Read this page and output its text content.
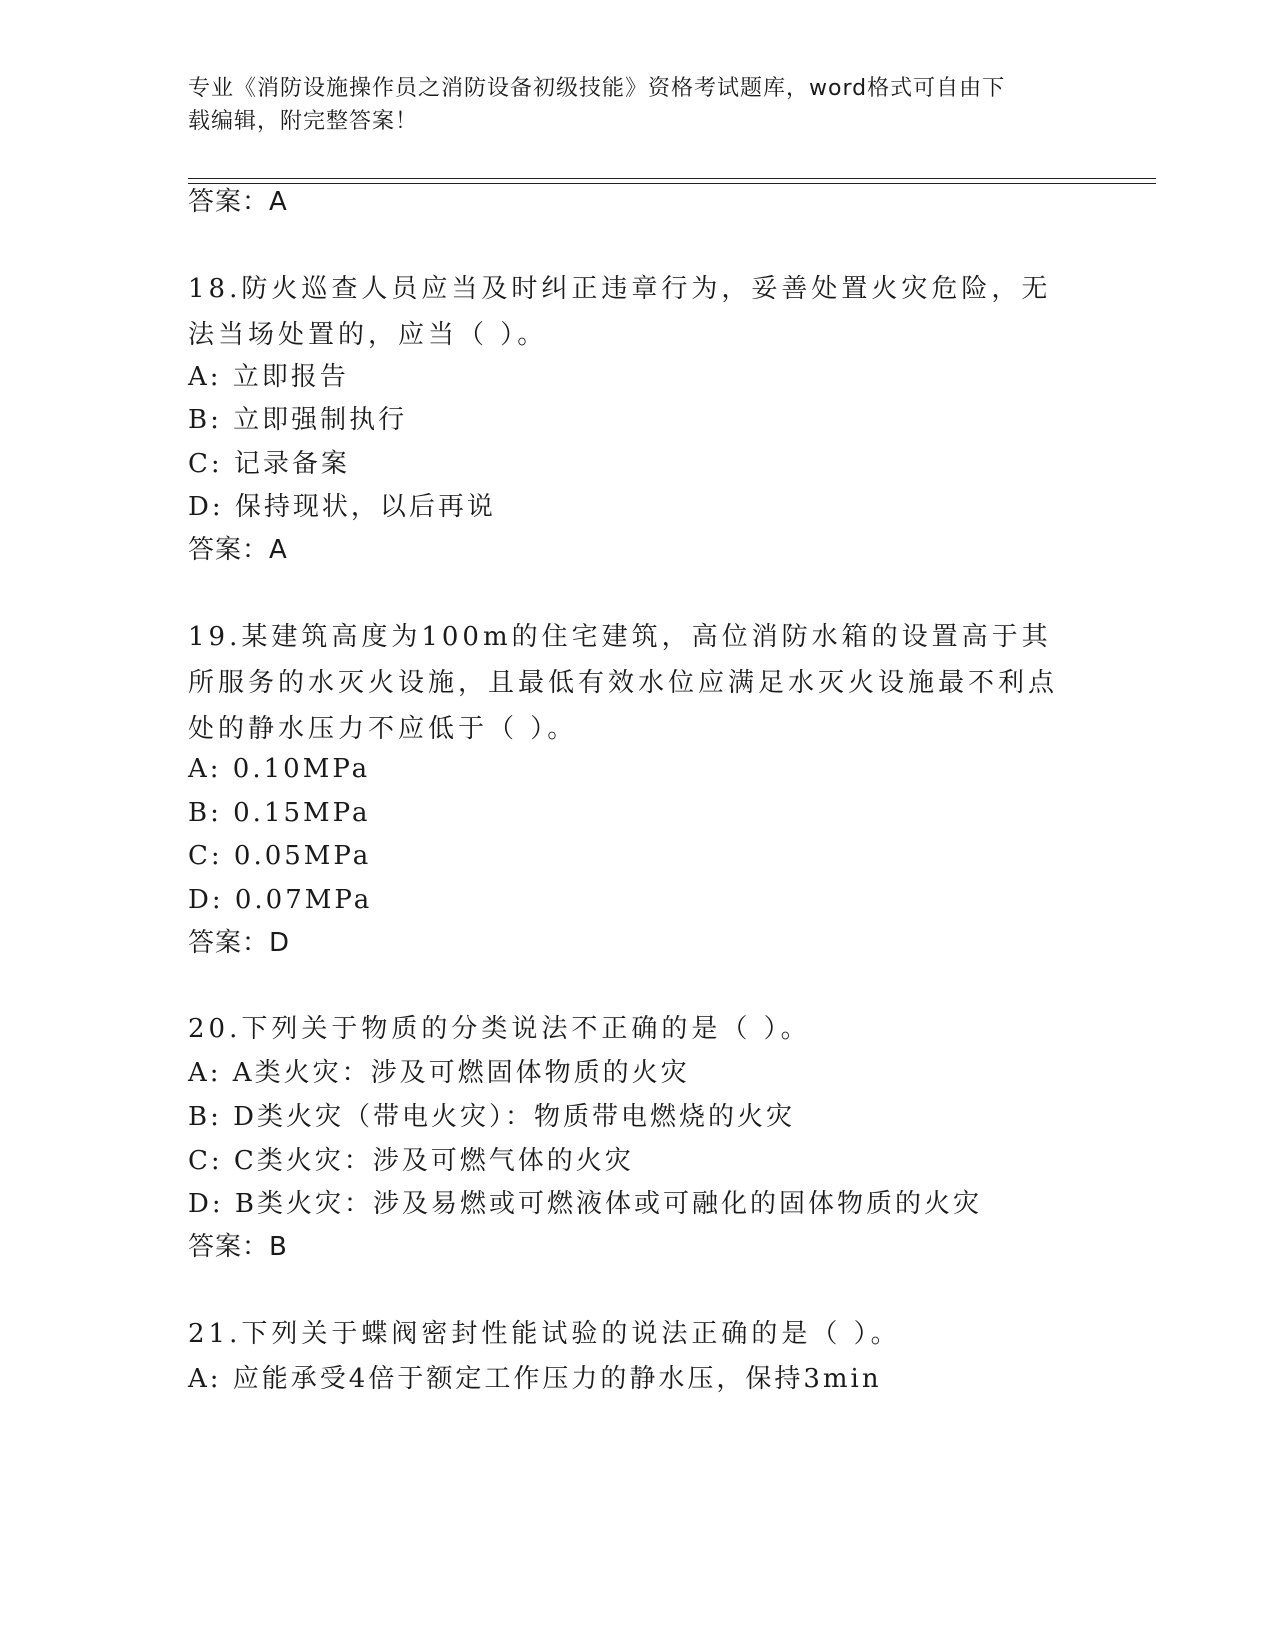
专业《消防设施操作员之消防设备初级技能》资格考试题库，word格式可自由下
载编辑，附完整答案！

答案：A

18.防火巡查人员应当及时纠正违章行为，妥善处置火灾危险，无法当场处置的，应当（ ）。

A: 立即报告

B: 立即强制执行

C: 记录备案

D: 保持现状，以后再说

答案：A

19.某建筑高度为100m的住宅建筑，高位消防水箱的设置高于其所服务的水灭火设施，且最低有效水位应满足水灭火设施最不利点处的静水压力不应低于（ ）。

A: 0.10MPa

B: 0.15MPa

C: 0.05MPa

D: 0.07MPa

答案：D

20.下列关于物质的分类说法不正确的是（ ）。

A: A类火灾：涉及可燃固体物质的火灾

B: D类火灾（带电火灾）：物质带电燃烧的火灾

C: C类火灾：涉及可燃气体的火灾

D: B类火灾：涉及易燃或可燃液体或可融化的固体物质的火灾

答案：B

21.下列关于蝶阀密封性能试验的说法正确的是（ ）。

A: 应能承受4倍于额定工作压力的静水压，保持3min
